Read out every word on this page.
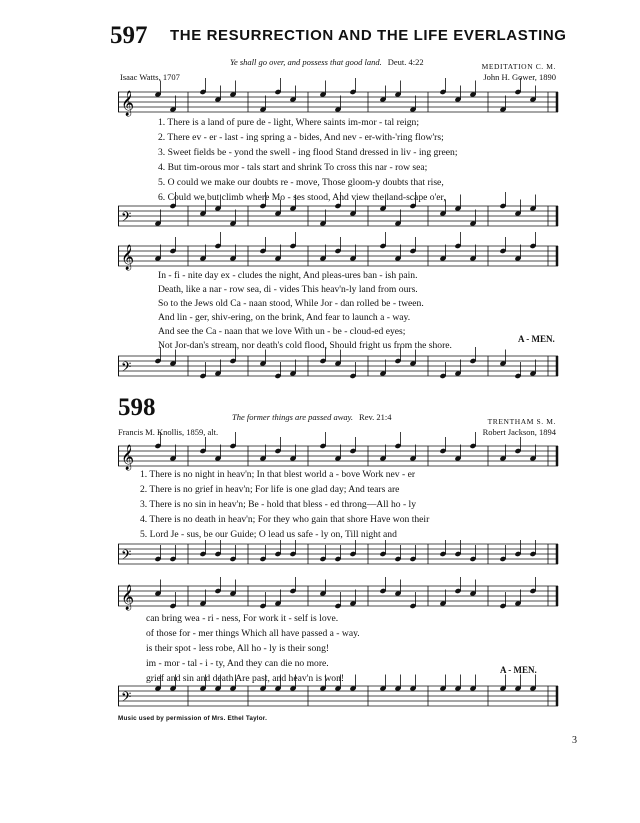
597 THE RESURRECTION AND THE LIFE EVERLASTING
Ye shall go over, and possess that good land. Deut. 4:22	MEDITATION C. M.
Isaac Watts, 1707	John H. Gower, 1890
𝄞
1. There is a land of pure de - light, Where saints im-mor - tal reign;
2. There ev - er - last - ing spring a - bides, And nev - er-with-'ring flow'rs;
3. Sweet fields be - yond the swell - ing flood Stand dressed in liv - ing green;
4. But tim-orous mor - tals start and shrink To cross this nar - row sea;
5. O could we make our doubts re - move, Those gloom-y doubts that rise,
6. Could we but climb where Mo - ses stood, And view the land-scape o'er,
𝄢
𝄞
In - fi - nite day ex - cludes the night, And pleas-ures ban - ish pain.
Death, like a nar - row sea, di - vides This heav'n-ly land from ours.
So to the Jews old Ca - naan stood, While Jor - dan rolled be - tween.
And lin - ger, shiv-ering, on the brink, And fear to launch a - way.
And see the Ca - naan that we love With un - be - cloud-ed eyes;
Not Jor-dan's stream, nor death's cold flood, Should fright us from the shore.
A - MEN.
𝄢
598	The former things are passed away. Rev. 21:4	TRENTHAM S. M.
Francis M. Knollis, 1859, alt.	Robert Jackson, 1894
𝄞
1. There is no night in heav'n; In that blest world a - bove Work nev - er
2. There is no grief in heav'n; For life is one glad day; And tears are
3. There is no sin in heav'n; Be - hold that bless - ed throng—All ho - ly
4. There is no death in heav'n; For they who gain that shore Have won their
5. Lord Je - sus, be our Guide; O lead us safe - ly on, Till night and
𝄢
𝄞
can bring wea - ri - ness, For work it - self is love.
of those for - mer things Which all have passed a - way.
is their spot - less robe, All ho - ly is their song!
im - mor - tal - i - ty, And they can die no more.
grief and sin and death Are past, and heav'n is won!
A - MEN.
𝄢
Music used by permission of Mrs. Ethel Taylor.
3
